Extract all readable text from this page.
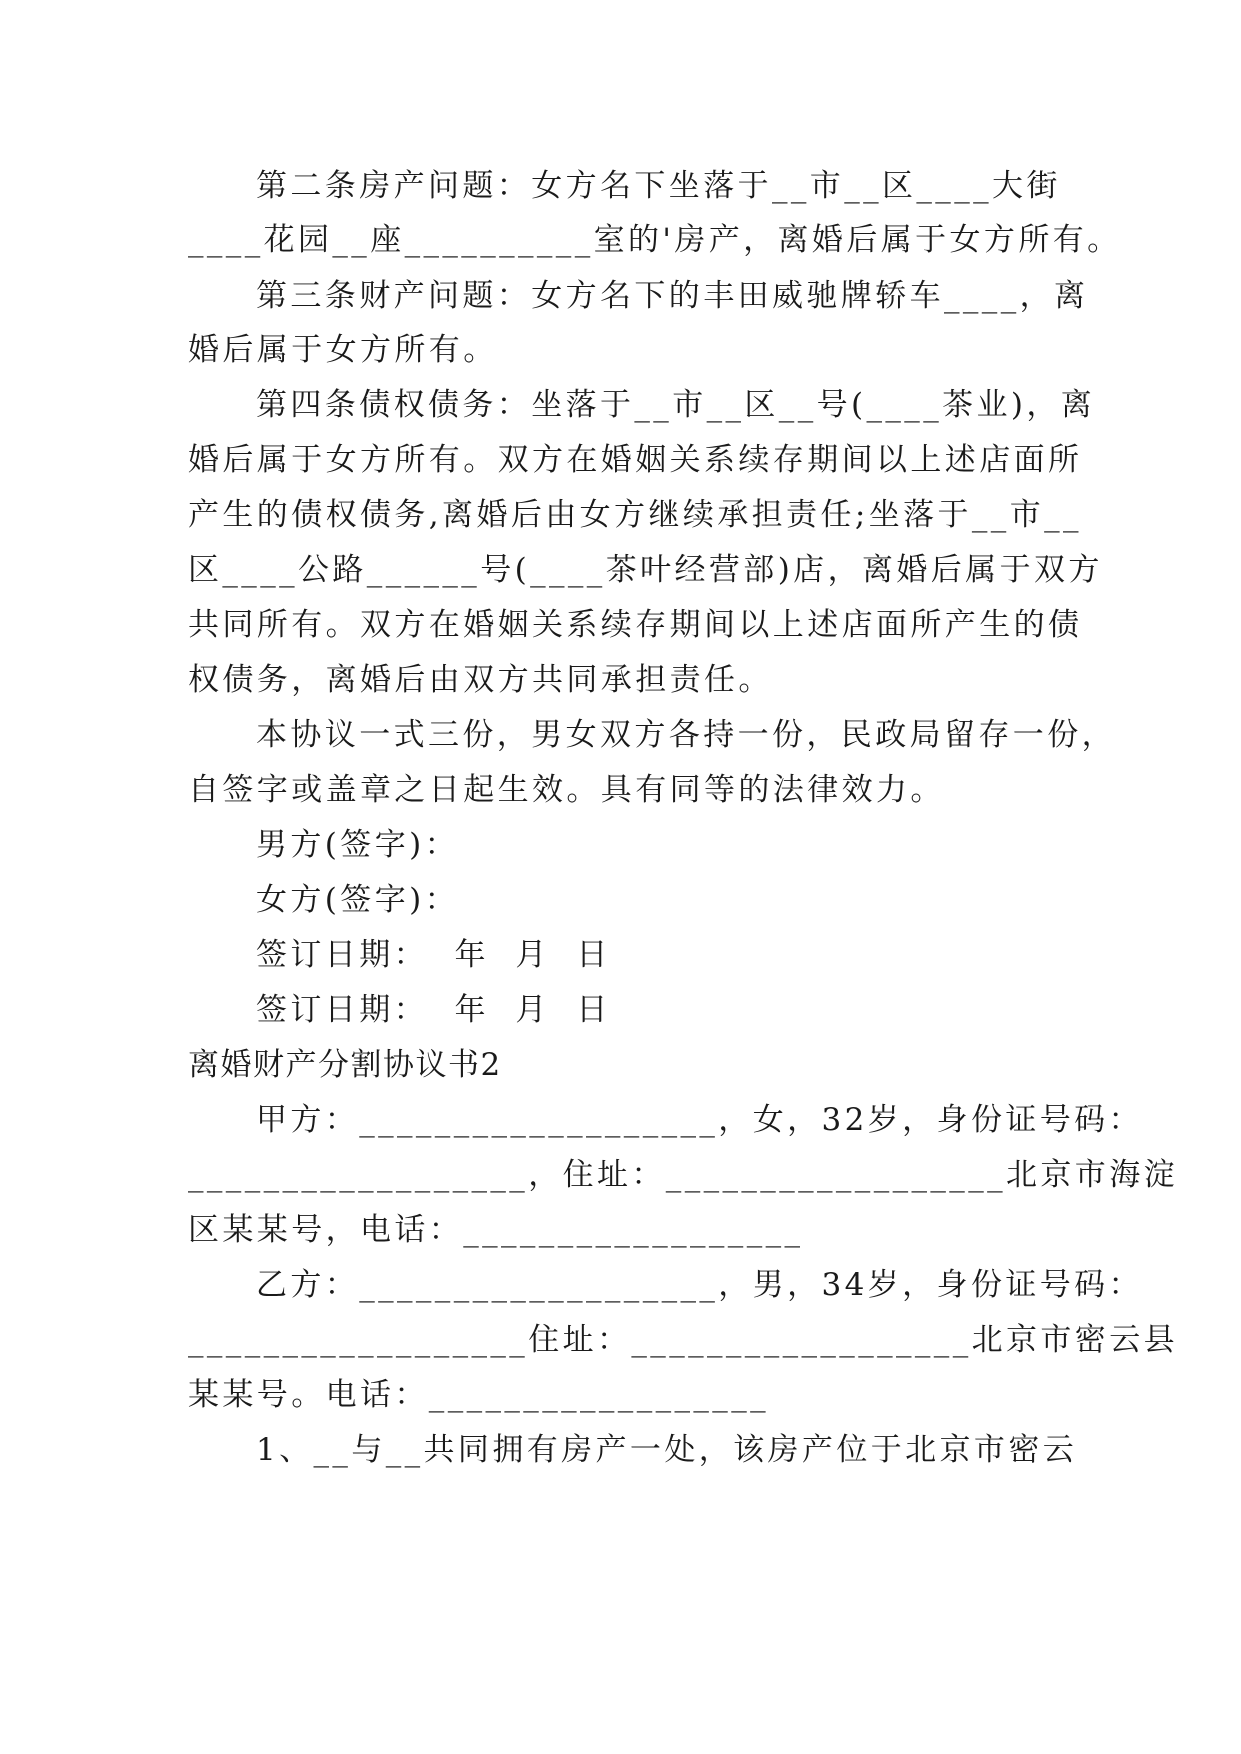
第二条房产问题：女方名下坐落于__市__区____大街
____花园__座__________室的'房产，离婚后属于女方所有。
第三条财产问题：女方名下的丰田威驰牌轿车____，离
婚后属于女方所有。
第四条债权债务：坐落于__市__区__号(____茶业)，离
婚后属于女方所有。双方在婚姻关系续存期间以上述店面所
产生的债权债务,离婚后由女方继续承担责任;坐落于__市__
区____公路______号(____茶叶经营部)店，离婚后属于双方
共同所有。双方在婚姻关系续存期间以上述店面所产生的债
权债务，离婚后由双方共同承担责任。
本协议一式三份，男女双方各持一份，民政局留存一份，
自签字或盖章之日起生效。具有同等的法律效力。
男方(签字)：
女方(签字)：
签订日期：  年  月  日
签订日期：  年  月  日
离婚财产分割协议书2
甲方：___________________，女，32岁，身份证号码：
__________________，住址：__________________北京市海淀
区某某号，电话：__________________
乙方：___________________，男，34岁，身份证号码：
__________________住址：__________________北京市密云县
某某号。电话：__________________
1、__与__共同拥有房产一处，该房产位于北京市密云
